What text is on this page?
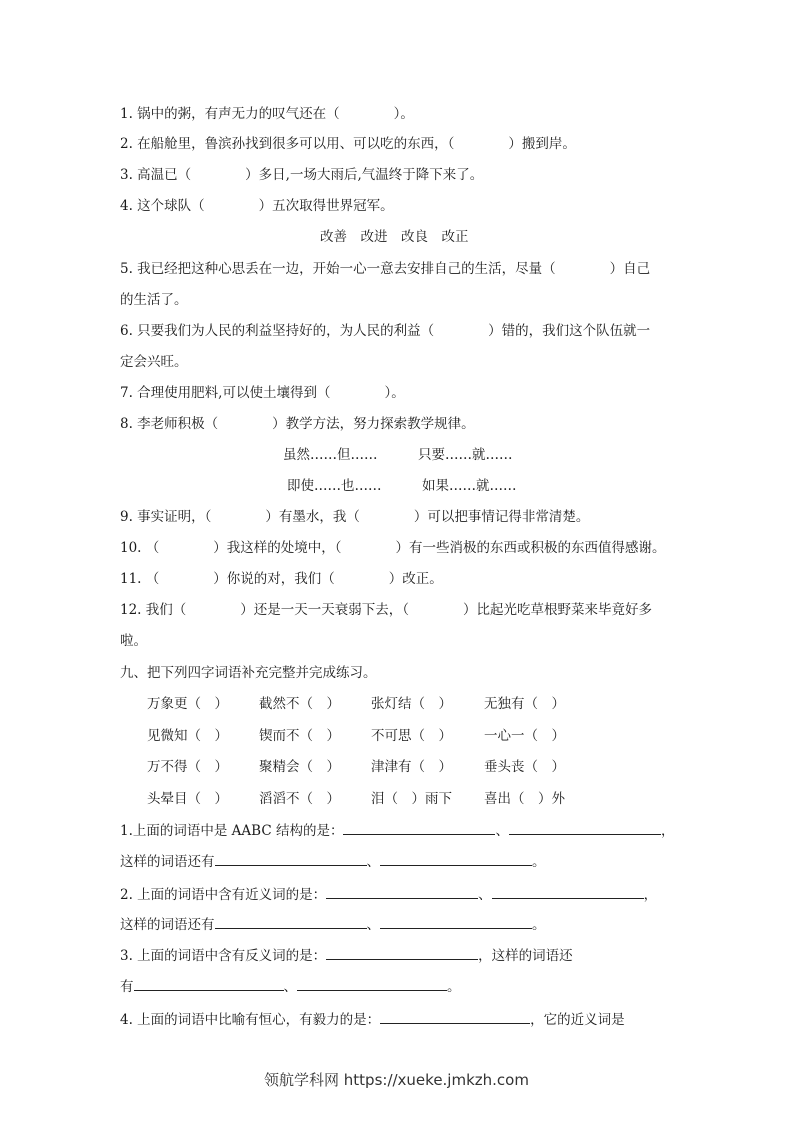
1. 锅中的粥，有声无力的叹气还在（　　　　）。
2. 在船舱里，鲁滨孙找到很多可以用、可以吃的东西，（　　　　）搬到岸。
3. 高温已（　　　　）多日,一场大雨后,气温终于降下来了。
4. 这个球队（　　　　）五次取得世界冠军。
改善　改进　改良　改正
5. 我已经把这种心思丢在一边，开始一心一意去安排自己的生活，尽量（　　　　）自己
的生活了。
6. 只要我们为人民的利益坚持好的，为人民的利益（　　　　）错的，我们这个队伍就一
定会兴旺。
7. 合理使用肥料,可以使土壤得到（　　　　）。
8. 李老师积极（　　　　）教学方法，努力探索教学规律。
虽然……但……　　　只要……就……
即使……也……　　　如果……就……
9. 事实证明，（　　　　）有墨水，我（　　　　）可以把事情记得非常清楚。
10. （　　　　）我这样的处境中，（　　　　）有一些消极的东西或积极的东西值得感谢。
11. （　　　　）你说的对，我们（　　　　）改正。
12. 我们（　　　　）还是一天一天衰弱下去，（　　　　）比起光吃草根野菜来毕竟好多
啦。
九、把下列四字词语补充完整并完成练习。
万象更（　） 截然不（　） 张灯结（　） 无独有（　）
见微知（　） 锲而不（　） 不可思（　） 一心一（　）
万不得（　） 聚精会（　） 津津有（　） 垂头丧（　）
头晕目（　） 滔滔不（　） 泪（　）雨下 喜出（　）外
1.上面的词语中是 AABC 结构的是：	、	，
这样的词语还有	、	。
2. 上面的词语中含有近义词的是：	、	，
这样的词语还有	、	。
3. 上面的词语中含有反义词的是：	，这样的词语还
有	、	。
4. 上面的词语中比喻有恒心，有毅力的是：	，它的近义词是
领航学科网 https://xueke.jmkzh.com
